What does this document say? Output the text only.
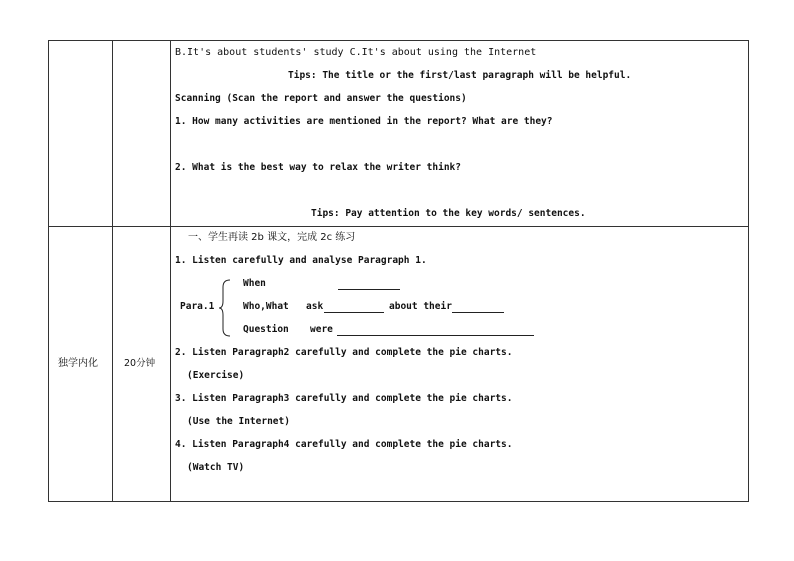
B.It's about students' study C.It's about using the Internet
Tips: The title or the first/last paragraph will be helpful.
Scanning (Scan the report and answer the questions)
1. How many activities are mentioned in the report? What are they?
2. What is the best way to relax the writer think?
Tips: Pay attention to the key words/ sentences.
独学内化	20分钟
一、学生再读 2b 课文，完成 2c 练习
1. Listen carefully and analyse Paragraph 1.
Para.1
When
Who,What ask	about their
Question were
2. Listen Paragraph2 carefully and complete the pie charts.
(Exercise)
3. Listen Paragraph3 carefully and complete the pie charts.
(Use the Internet)
4. Listen Paragraph4 carefully and complete the pie charts.
(Watch TV)
